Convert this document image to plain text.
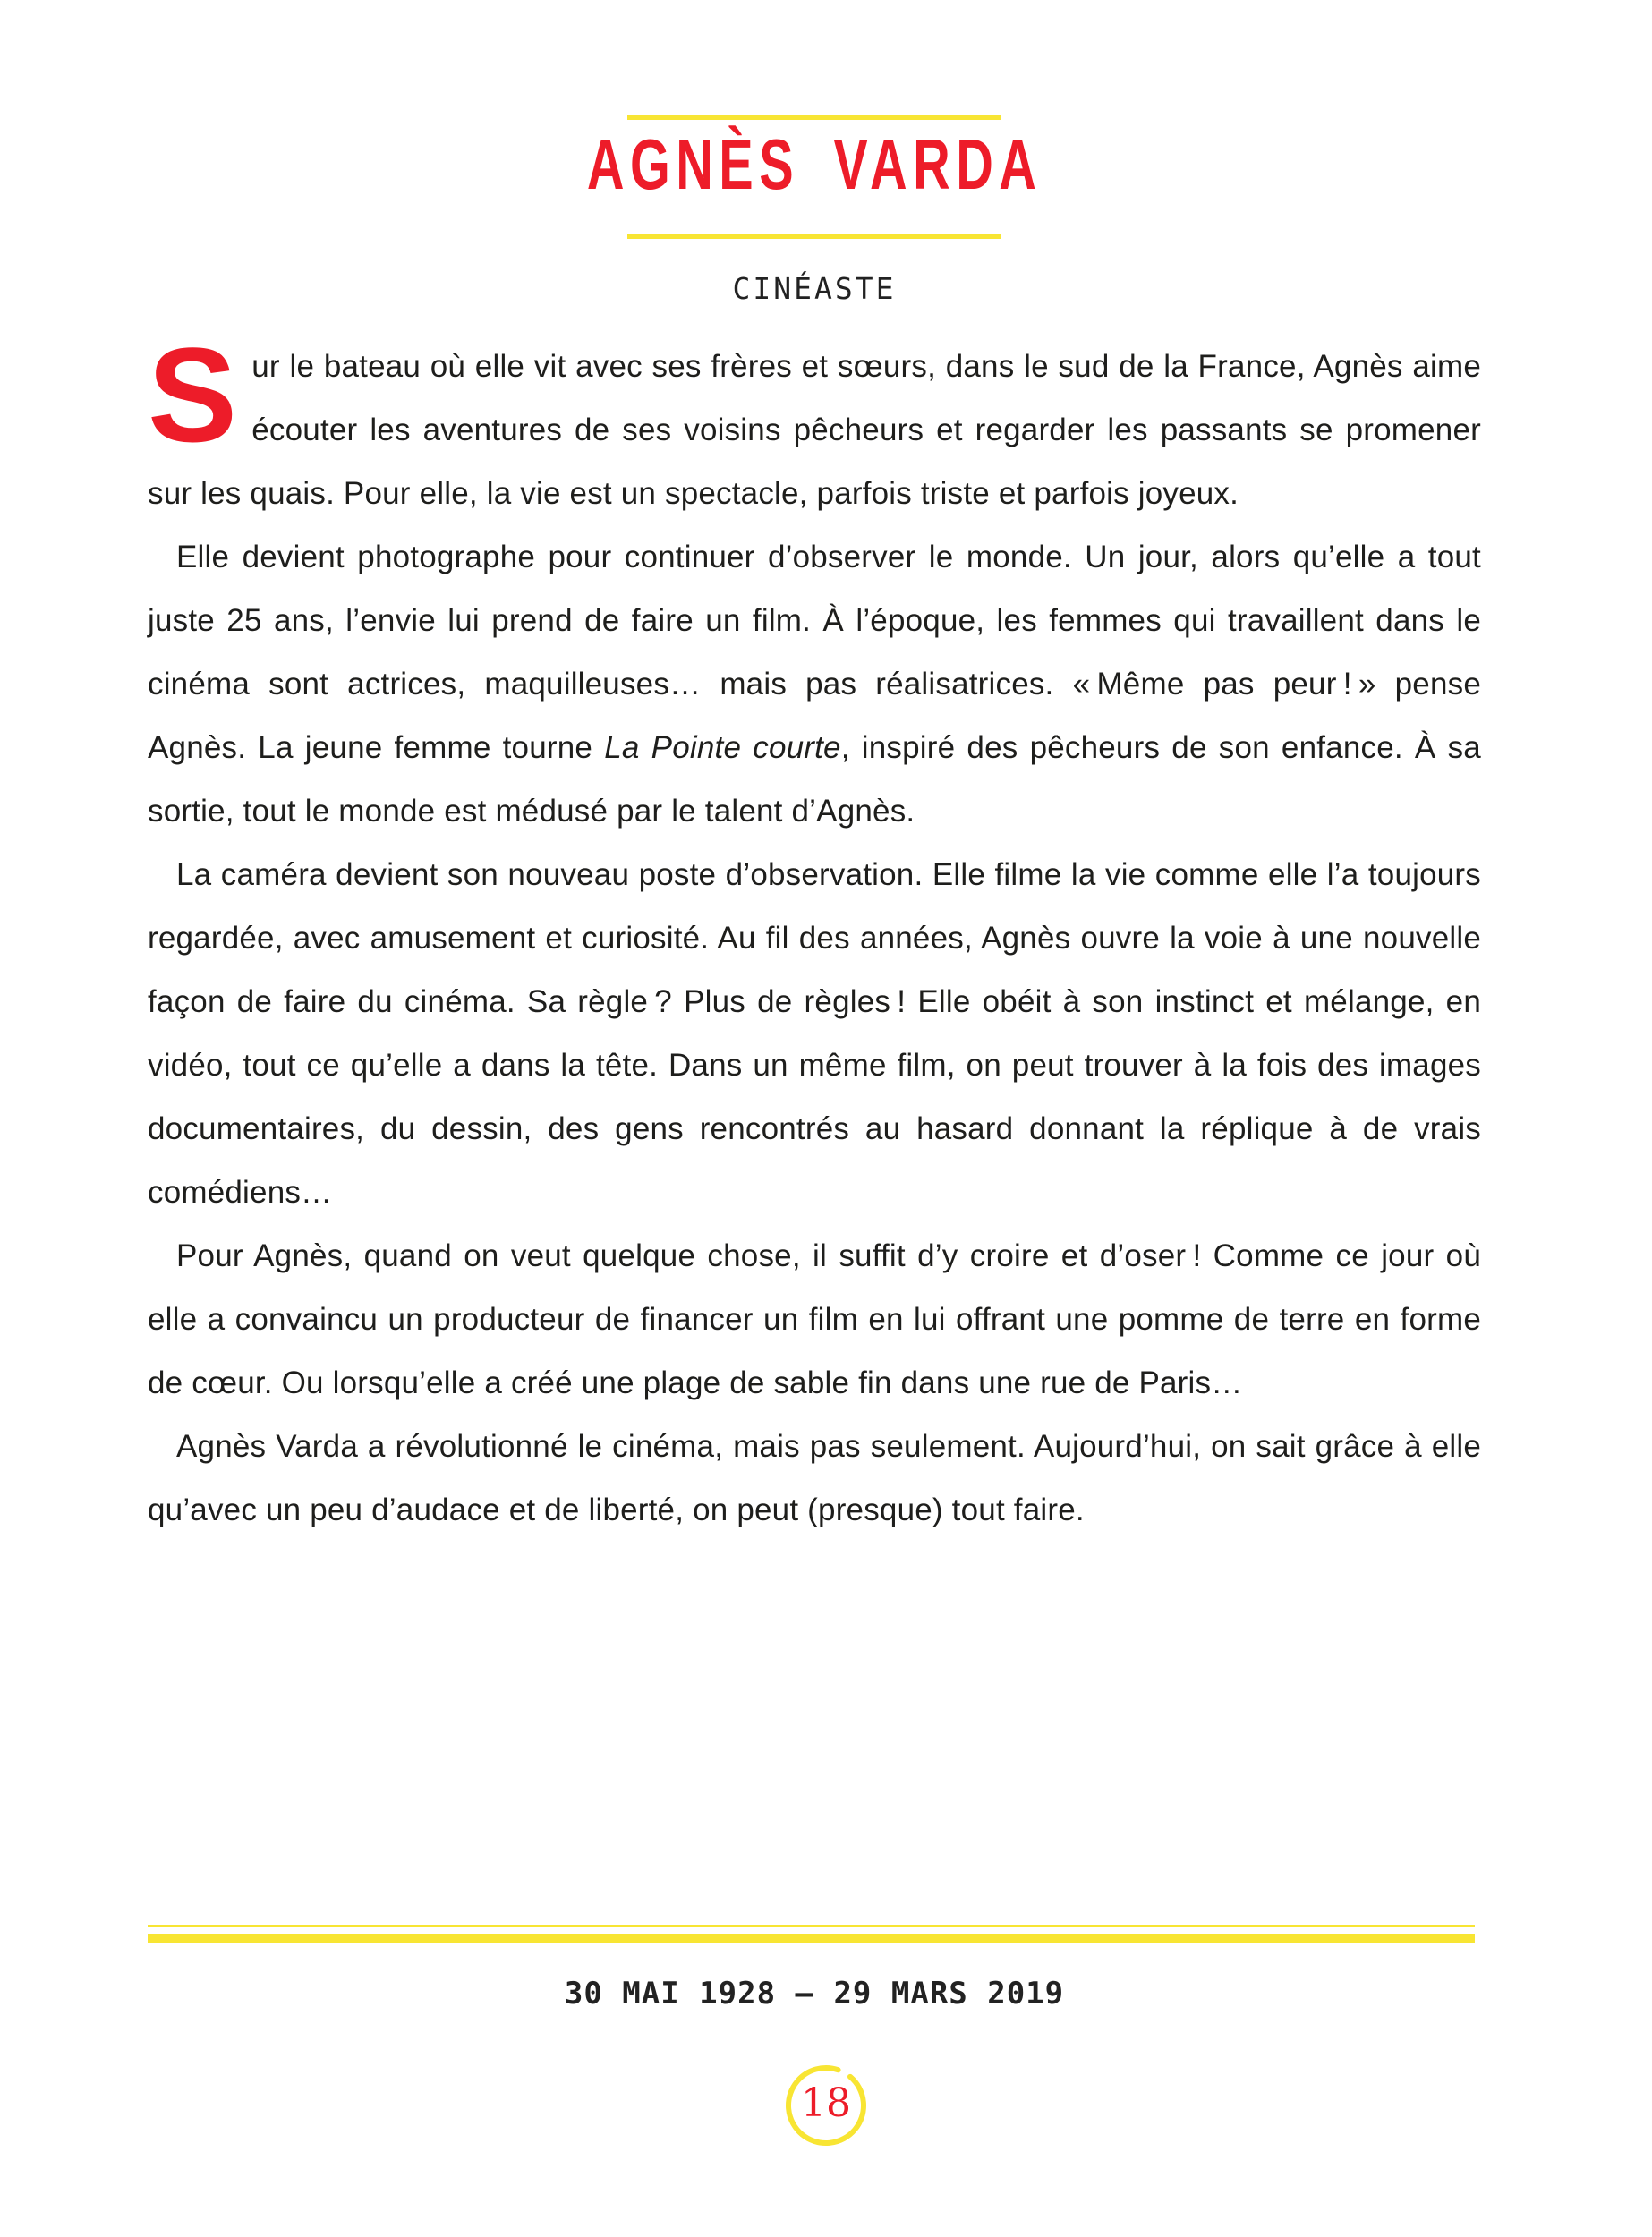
AGNÈS VARDA
CINÉASTE

Sur le bateau où elle vit avec ses frères et sœurs, dans le sud de la France, Agnès aime écouter les aventures de ses voisins pêcheurs et regarder les passants se promener sur les quais. Pour elle, la vie est un spectacle, parfois triste et parfois joyeux.

Elle devient photographe pour continuer d’observer le monde. Un jour, alors qu’elle a tout juste 25 ans, l’envie lui prend de faire un film. À l’époque, les femmes qui travaillent dans le cinéma sont actrices, maquilleuses… mais pas réalisatrices. « Même pas peur ! » pense Agnès. La jeune femme tourne La Pointe courte, inspiré des pêcheurs de son enfance. À sa sortie, tout le monde est médusé par le talent d’Agnès.

La caméra devient son nouveau poste d’observation. Elle filme la vie comme elle l’a toujours regardée, avec amusement et curiosité. Au fil des années, Agnès ouvre la voie à une nouvelle façon de faire du cinéma. Sa règle ? Plus de règles ! Elle obéit à son instinct et mélange, en vidéo, tout ce qu’elle a dans la tête. Dans un même film, on peut trouver à la fois des images documentaires, du dessin, des gens rencontrés au hasard donnant la réplique à de vrais comédiens…

Pour Agnès, quand on veut quelque chose, il suffit d’y croire et d’oser ! Comme ce jour où elle a convaincu un producteur de financer un film en lui offrant une pomme de terre en forme de cœur. Ou lorsqu’elle a créé une plage de sable fin dans une rue de Paris…

Agnès Varda a révolutionné le cinéma, mais pas seulement. Aujourd’hui, on sait grâce à elle qu’avec un peu d’audace et de liberté, on peut (presque) tout faire.

30 MAI 1928 – 29 MARS 2019
18
